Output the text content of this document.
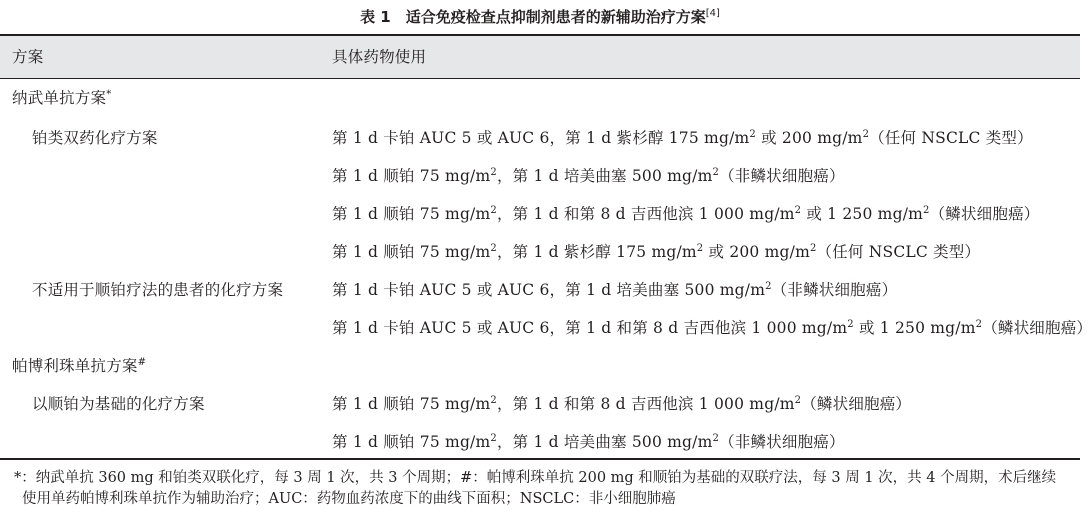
表 1　适合免疫检查点抑制剂患者的新辅助治疗方案[4]
方案	具体药物使用
纳武单抗方案*
铂类双药化疗方案	第 1 d 卡铂 AUC 5 或 AUC 6，第 1 d 紫杉醇 175 $mg/m^2$ 或 200 $mg/m^2$（任何 NSCLC 类型）
第 1 d 顺铂 75 $mg/m^2$，第 1 d 培美曲塞 500 $mg/m^2$（非鳞状细胞癌）
第 1 d 顺铂 75 $mg/m^2$，第 1 d 和第 8 d 吉西他滨 1 000 $mg/m^2$ 或 1 250 $mg/m^2$（鳞状细胞癌）
第 1 d 顺铂 75 $mg/m^2$，第 1 d 紫杉醇 175 $mg/m^2$ 或 200 $mg/m^2$（任何 NSCLC 类型）
不适用于顺铂疗法的患者的化疗方案	第 1 d 卡铂 AUC 5 或 AUC 6，第 1 d 培美曲塞 500 $mg/m^2$（非鳞状细胞癌）
第 1 d 卡铂 AUC 5 或 AUC 6，第 1 d 和第 8 d 吉西他滨 1 000 $mg/m^2$ 或 1 250 $mg/m^2$（鳞状细胞癌）
帕博利珠单抗方案#
以顺铂为基础的化疗方案	第 1 d 顺铂 75 $mg/m^2$，第 1 d 和第 8 d 吉西他滨 1 000 $mg/m^2$（鳞状细胞癌）
第 1 d 顺铂 75 $mg/m^2$，第 1 d 培美曲塞 500 $mg/m^2$（非鳞状细胞癌）
*：纳武单抗 360 mg 和铂类双联化疗，每 3 周 1 次，共 3 个周期；#：帕博利珠单抗 200 mg 和顺铂为基础的双联疗法，每 3 周 1 次，共 4 个周期，术后继续使用单药帕博利珠单抗作为辅助治疗；AUC：药物血药浓度下的曲线下面积；NSCLC：非小细胞肺癌
